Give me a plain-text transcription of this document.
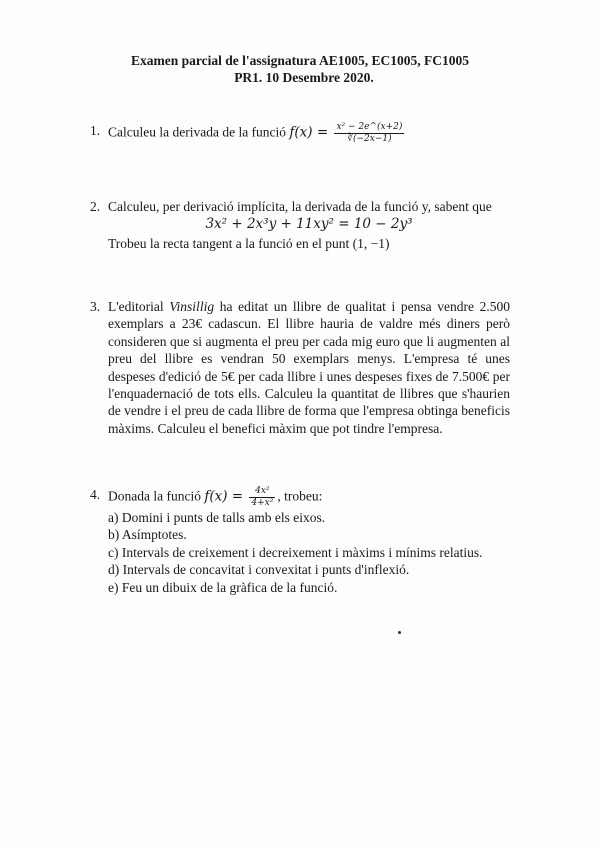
Examen parcial de l'assignatura AE1005, EC1005, FC1005
PR1. 10 Desembre 2020.
1. Calculeu la derivada de la funció $f(x) = \frac{\text{x² − 2e\textasciicircum{}(x+2)}}{∛(-2x-1)}$
2. Calculeu, per derivació implícita, la derivada de la funció y, sabent que
3x² + 2x³y + 11xy² = 10 − 2y³
Trobeu la recta tangent a la funció en el punt (1, −1)
3. L'editorial Vinsillig ha editat un llibre de qualitat i pensa vendre 2.500 exemplars a 23€ cadascun. El llibre hauria de valdre més diners però consideren que si augmenta el preu per cada mig euro que li augmenten al preu del llibre es vendran 50 exemplars menys. L'empresa té unes despeses d'edició de 5€ per cada llibre i unes despeses fixes de 7.500€ per l'enquadernació de tots ells. Calculeu la quantitat de llibres que s'haurien de vendre i el preu de cada llibre de forma que l'empresa obtinga beneficis màxims. Calculeu el benefici màxim que pot tindre l'empresa.
4. Donada la funció $f(x) = \frac{\text{4x²}}{\text{4+x²}}$ , trobeu:
a) Domini i punts de talls amb els eixos.
b) Asímptotes.
c) Intervals de creixement i decreixement i màxims i mínims relatius.
d) Intervals de concavitat i convexitat i punts d'inflexió.
e) Feu un dibuix de la gràfica de la funció.
